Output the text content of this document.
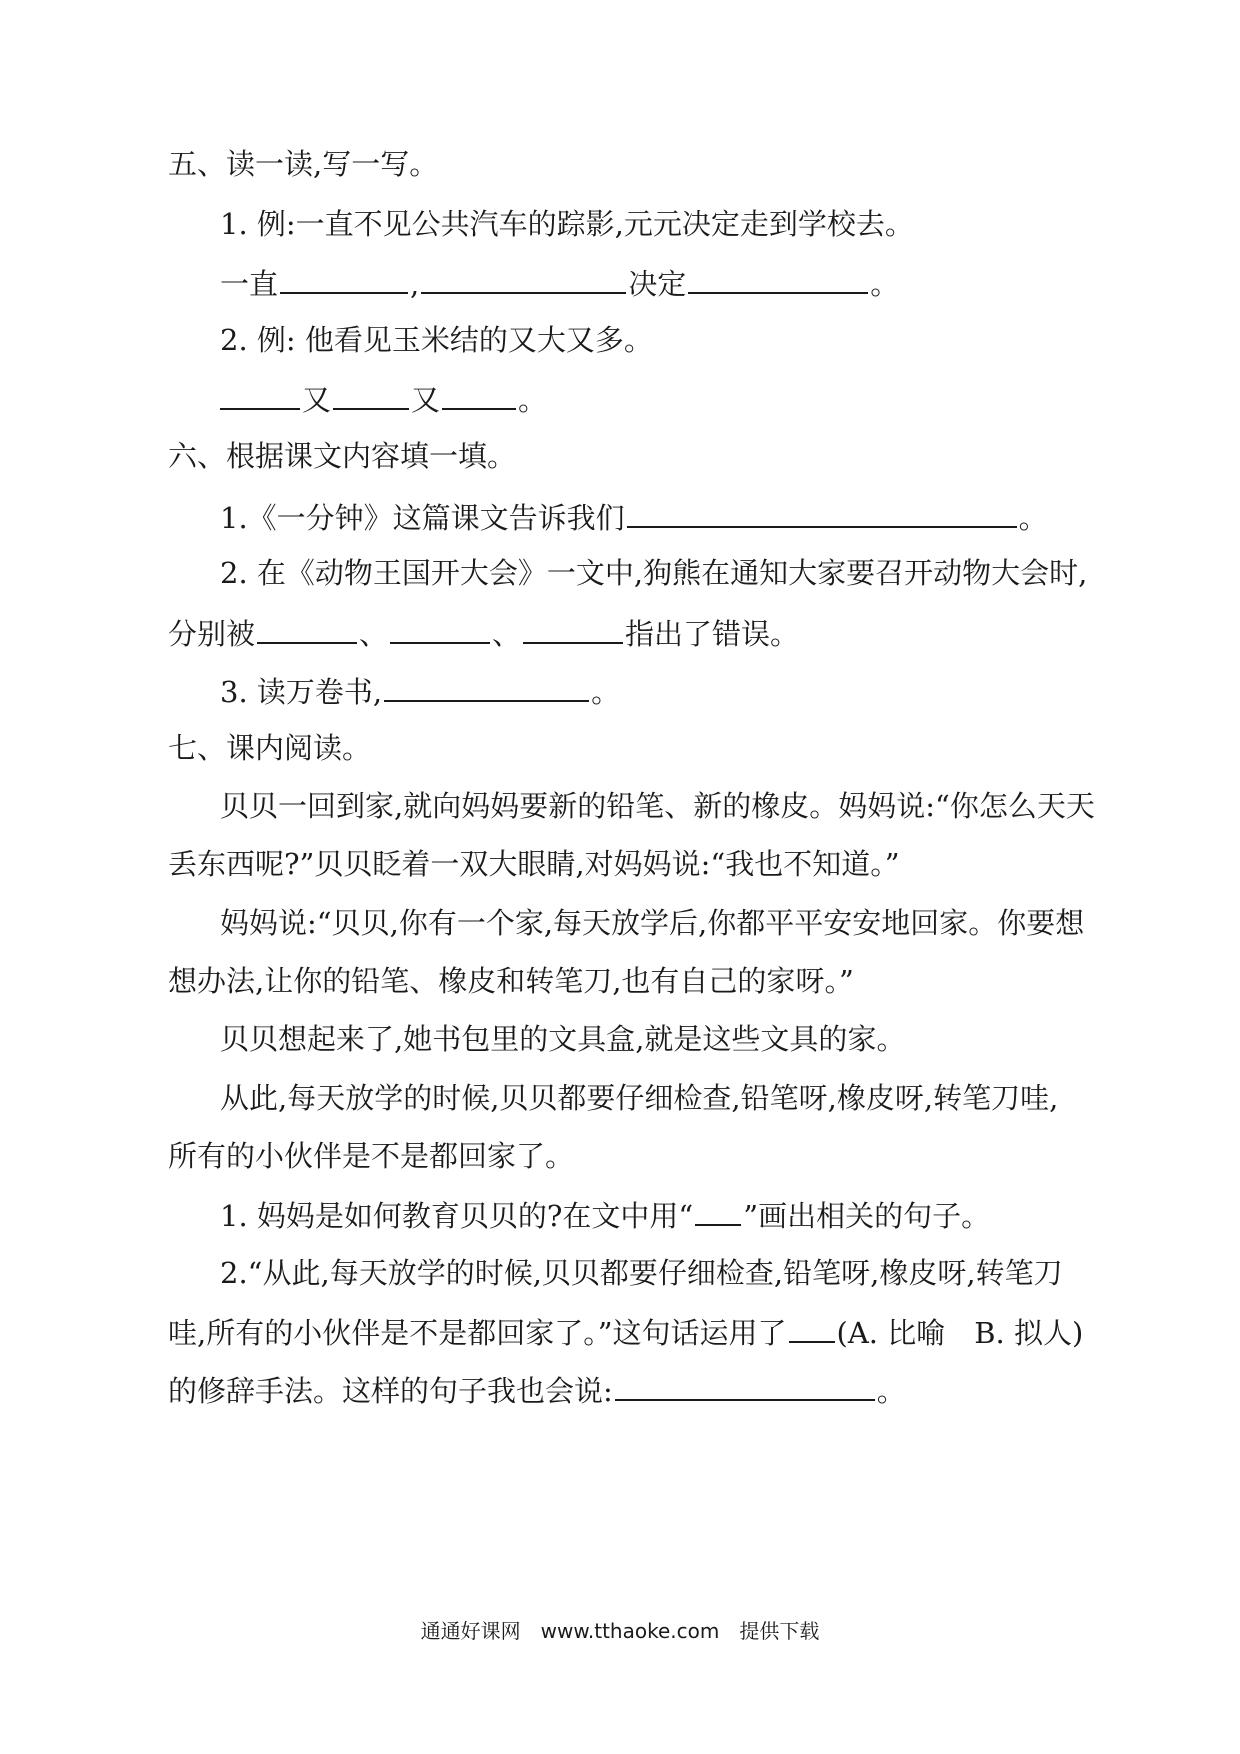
五、读一读,写一写。
1. 例:一直不见公共汽车的踪影,元元决定走到学校去。
一直	,	决定	。
2. 例: 他看见玉米结的又大又多。
又	又	。
六、根据课文内容填一填。
1.《一分钟》这篇课文告诉我们	。
2. 在《动物王国开大会》一文中,狗熊在通知大家要召开动物大会时,
分别被	、	、	指出了错误。
3. 读万卷书,	。
七、课内阅读。
贝贝一回到家,就向妈妈要新的铅笔、新的橡皮。妈妈说:“你怎么天天
丢东西呢?”贝贝眨着一双大眼睛,对妈妈说:“我也不知道。”
妈妈说:“贝贝,你有一个家,每天放学后,你都平平安安地回家。你要想
想办法,让你的铅笔、橡皮和转笔刀,也有自己的家呀。”
贝贝想起来了,她书包里的文具盒,就是这些文具的家。
从此,每天放学的时候,贝贝都要仔细检查,铅笔呀,橡皮呀,转笔刀哇,
所有的小伙伴是不是都回家了。
1. 妈妈是如何教育贝贝的?在文中用“ ”画出相关的句子。
2.“从此,每天放学的时候,贝贝都要仔细检查,铅笔呀,橡皮呀,转笔刀
哇,所有的小伙伴是不是都回家了。”这句话运用了 (A. 比喻　B. 拟人)
的修辞手法。这样的句子我也会说:	。
通通好课网　www.tthaoke.com　提供下载
